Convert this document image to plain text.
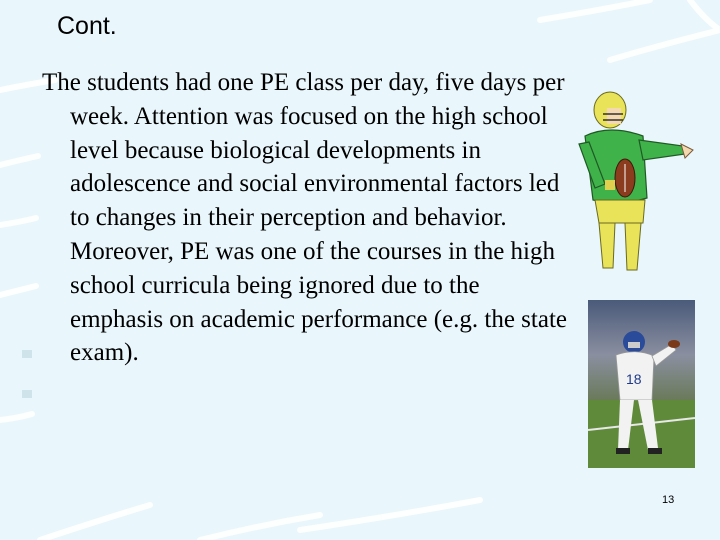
Cont.
The students had one PE class per day, five days per week. Attention was focused on the high school level because biological developments in adolescence and social environmental factors led to changes in their perception and behavior. Moreover, PE was one of the courses in the high school curricula being ignored due to the emphasis on academic performance (e.g. the state exam).
18
13
